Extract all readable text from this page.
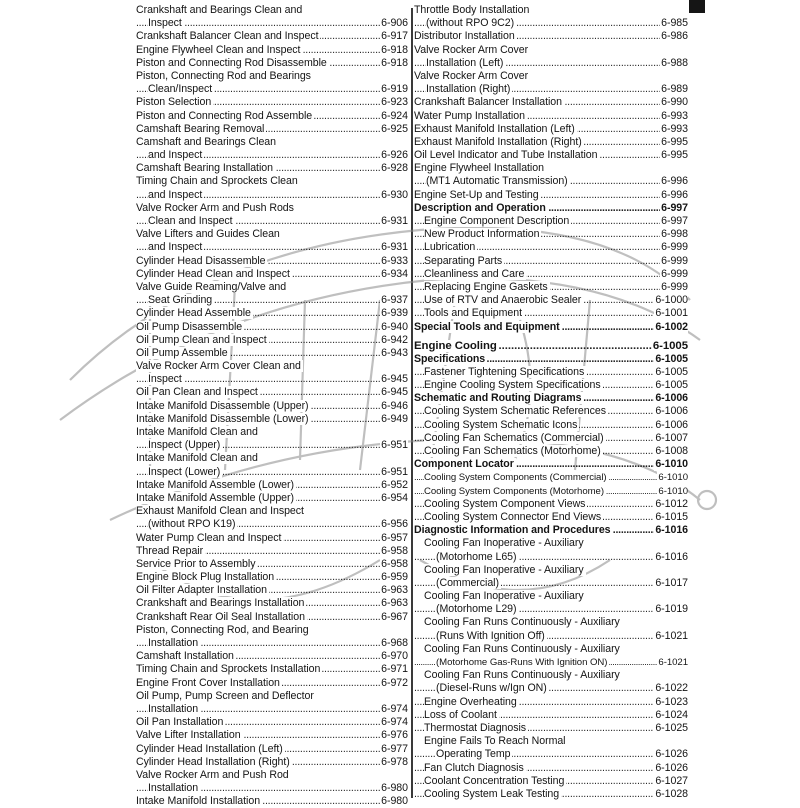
Crankshaft and Bearings Clean and
. . .
Inspect	6-906
. . .
Crankshaft Balancer Clean and Inspect	6-917
. . .
Engine Flywheel Clean and Inspect	6-918
. . .
Piston and Connecting Rod Disassemble	6-918
Piston, Connecting Rod and Bearings
. . .
Clean/Inspect	6-919
. . .
Piston Selection	6-923
. . .
Piston and Connecting Rod Assemble	6-924
. . .
Camshaft Bearing Removal	6-925
Camshaft and Bearings Clean
. . .
and Inspect	6-926
. . .
Camshaft Bearing Installation	6-928
Timing Chain and Sprockets Clean
. . .
and Inspect	6-930
Valve Rocker Arm and Push Rods
. . .
Clean and Inspect	6-931
Valve Lifters and Guides Clean
. . .
and Inspect	6-931
. . .
Cylinder Head Disassemble	6-933
. . .
Cylinder Head Clean and Inspect	6-934
Valve Guide Reaming/Valve and
. . .
Seat Grinding	6-937
. . .
Cylinder Head Assemble	6-939
. . .
Oil Pump Disassemble	6-940
. . .
Oil Pump Clean and Inspect	6-942
. . .
Oil Pump Assemble	6-943
Valve Rocker Arm Cover Clean and
. . .
Inspect	6-945
. . .
Oil Pan Clean and Inspect	6-945
. . .
Intake Manifold Disassemble (Upper)	6-946
. . .
Intake Manifold Disassemble (Lower)	6-949
Intake Manifold Clean and
. . .
Inspect (Upper)	6-951
Intake Manifold Clean and
. . .
Inspect (Lower)	6-951
. . .
Intake Manifold Assemble (Lower)	6-952
. . .
Intake Manifold Assemble (Upper)	6-954
Exhaust Manifold Clean and Inspect
. . .
(without RPO K19)	6-956
. . .
Water Pump Clean and Inspect	6-957
. . .
Thread Repair	6-958
. . .
Service Prior to Assembly	6-958
. . .
Engine Block Plug Installation	6-959
. . .
Oil Filter Adapter Installation	6-963
. . .
Crankshaft and Bearings Installation	6-963
. . .
Crankshaft Rear Oil Seal Installation	6-967
Piston, Connecting Rod, and Bearing
. . .
Installation	6-968
. . .
Camshaft Installation	6-970
. . .
Timing Chain and Sprockets Installation	6-971
. . .
Engine Front Cover Installation	6-972
Oil Pump, Pump Screen and Deflector
. . .
Installation	6-974
. . .
Oil Pan Installation	6-974
. . .
Valve Lifter Installation	6-976
. . .
Cylinder Head Installation (Left)	6-977
. . .
Cylinder Head Installation (Right)	6-978
Valve Rocker Arm and Push Rod
. . .
Installation	6-980
. . .
Intake Manifold Installation	6-980
Throttle Body Installation
. . .
(without RPO 9C2)	6-985
. . .
Distributor Installation	6-986
Valve Rocker Arm Cover
. . .
Installation (Left)	6-988
Valve Rocker Arm Cover
. . .
Installation (Right)	6-989
. . .
Crankshaft Balancer Installation	6-990
. . .
Water Pump Installation	6-993
. . .
Exhaust Manifold Installation (Left)	6-993
. . .
Exhaust Manifold Installation (Right)	6-995
. . .
Oil Level Indicator and Tube Installation	6-995
Engine Flywheel Installation
. . .
(MT1 Automatic Transmission)	6-996
. . .
Engine Set-Up and Testing	6-996
. . .
Description and Operation	6-997
. . .
Engine Component Description	6-997
. . .
New Product Information	6-998
. . .
Lubrication	6-999
. . .
Separating Parts	6-999
. . .
Cleanliness and Care	6-999
. . .
Replacing Engine Gaskets	6-999
. . .
Use of RTV and Anaerobic Sealer	6-1000
. . .
Tools and Equipment	6-1001
. . .
Special Tools and Equipment	6-1002
. . .
Engine Cooling	6-1005
. . .
Specifications	6-1005
. . .
Fastener Tightening Specifications	6-1005
. . .
Engine Cooling System Specifications	6-1005
. . .
Schematic and Routing Diagrams	6-1006
. . .
Cooling System Schematic References	6-1006
. . .
Cooling System Schematic Icons	6-1006
. . .
Cooling Fan Schematics (Commercial)	6-1007
. . .
Cooling Fan Schematics (Motorhome)	6-1008
. . .
Component Locator	6-1010
. . .
Cooling System Components (Commercial)	6-1010
. . .
Cooling System Components (Motorhome)	6-1010
. . .
Cooling System Component Views	6-1012
. . .
Cooling System Connector End Views	6-1015
. . .
Diagnostic Information and Procedures	6-1016
Cooling Fan Inoperative - Auxiliary
. . .
(Motorhome L65)	6-1016
Cooling Fan Inoperative - Auxiliary
. . .
(Commercial)	6-1017
Cooling Fan Inoperative - Auxiliary
. . .
(Motorhome L29)	6-1019
Cooling Fan Runs Continuously - Auxiliary
. . .
(Runs With Ignition Off)	6-1021
Cooling Fan Runs Continuously - Auxiliary
. . .
(Motorhome Gas-Runs With Ignition ON)	6-1021
Cooling Fan Runs Continuously - Auxiliary
. . .
(Diesel-Runs w/Ign ON)	6-1022
. . .
Engine Overheating	6-1023
. . .
Loss of Coolant	6-1024
. . .
Thermostat Diagnosis	6-1025
Engine Fails To Reach Normal
. . .
Operating Temp	6-1026
. . .
Fan Clutch Diagnosis	6-1026
. . .
Coolant Concentration Testing	6-1027
. . .
Cooling System Leak Testing	6-1028
